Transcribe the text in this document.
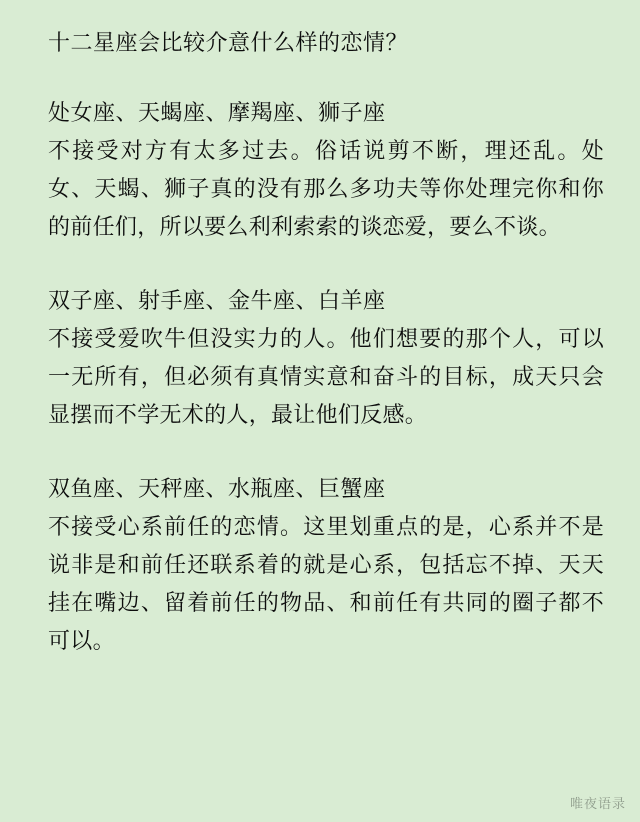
十二星座会比较介意什么样的恋情？

处女座、天蝎座、摩羯座、狮子座

不接受对方有太多过去。俗话说剪不断，理还乱。处女、天蝎、狮子真的没有那么多功夫等你处理完你和你的前任们，所以要么利利索索的谈恋爱，要么不谈。

双子座、射手座、金牛座、白羊座

不接受爱吹牛但没实力的人。他们想要的那个人，可以一无所有，但必须有真情实意和奋斗的目标，成天只会显摆而不学无术的人，最让他们反感。

双鱼座、天秤座、水瓶座、巨蟹座

不接受心系前任的恋情。这里划重点的是，心系并不是说非是和前任还联系着的就是心系，包括忘不掉、天天挂在嘴边、留着前任的物品、和前任有共同的圈子都不可以。

唯夜语录
